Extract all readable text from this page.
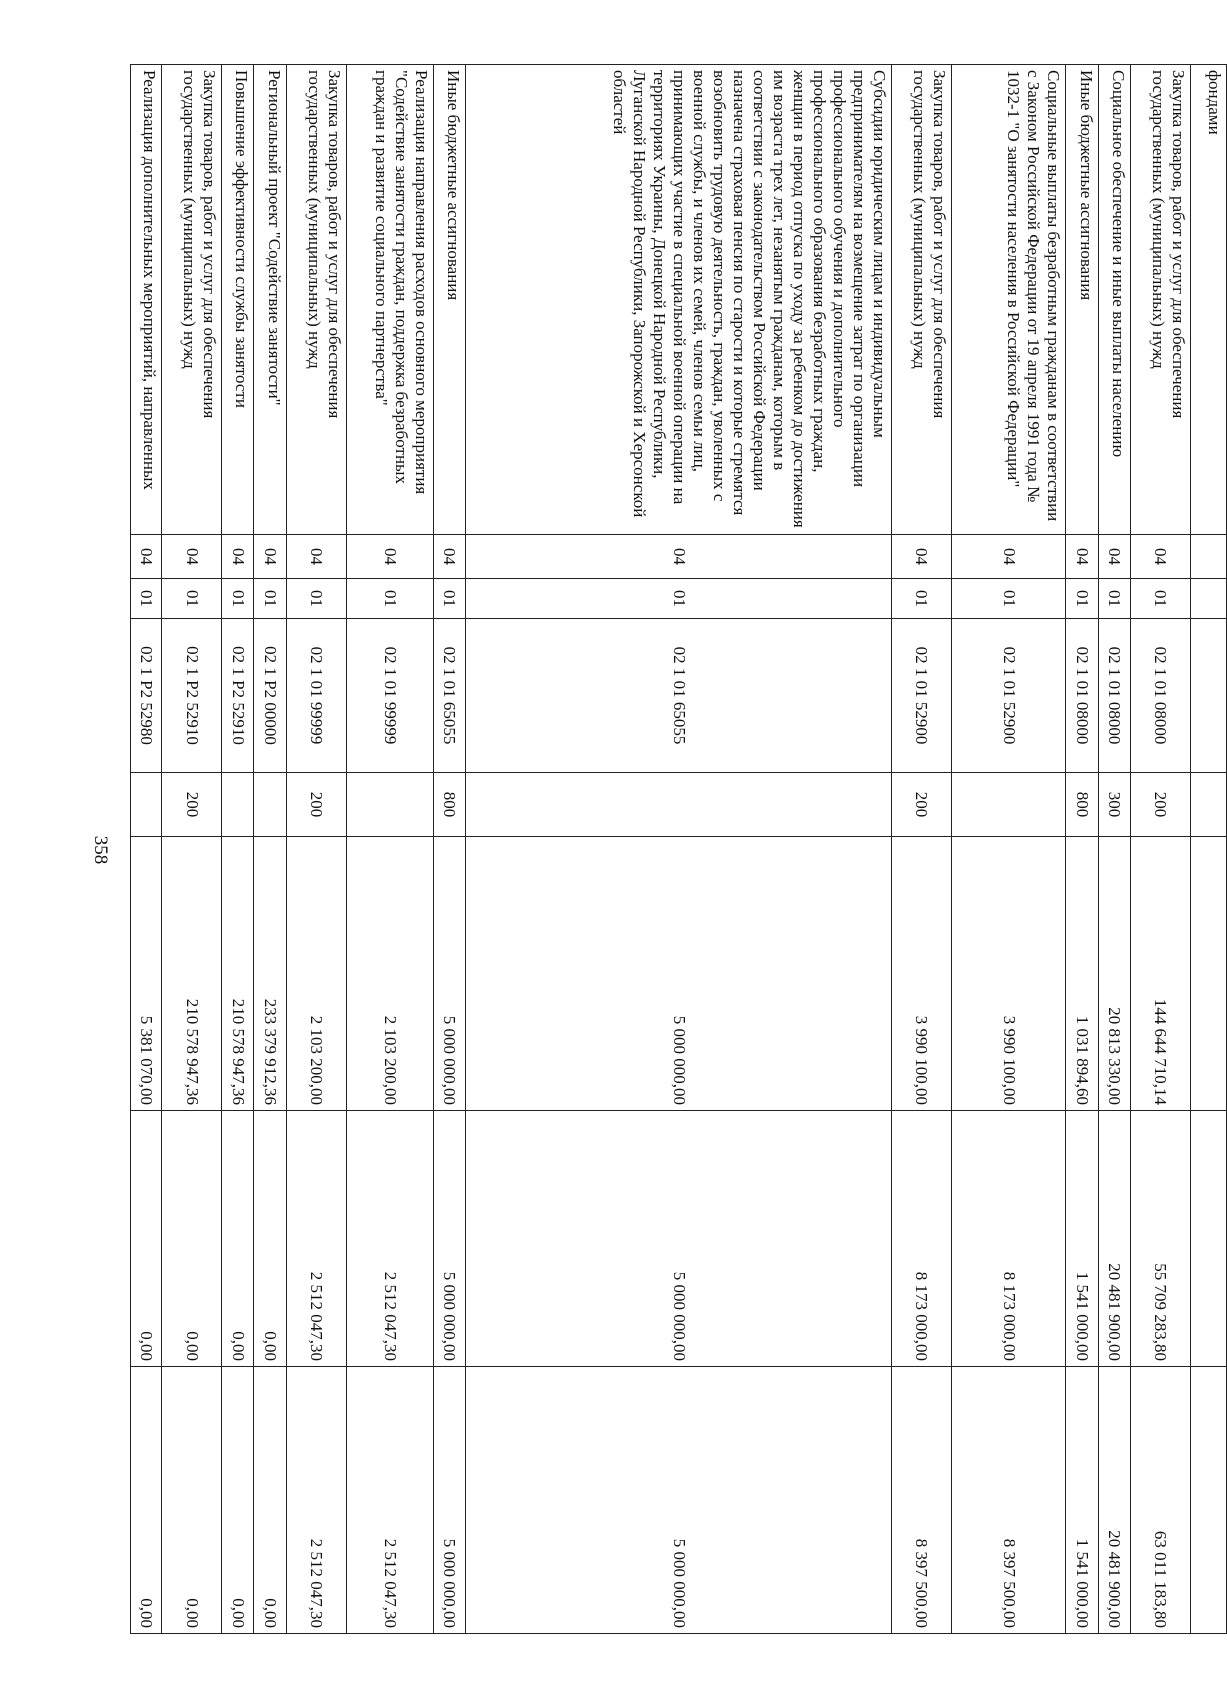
358
фондами							
Закупка товаров, работ и услуг для обеспечения государственных (муниципальных) нужд	04	01	02 1 01 08000	200	144 644 710,14	55 709 283,80	63 011 183,80
Социальное обеспечение и иные выплаты населению	04	01	02 1 01 08000	300	20 813 330,00	20 481 900,00	20 481 900,00
Иные бюджетные ассигнования	04	01	02 1 01 08000	800	1 031 894,60	1 541 000,00	1 541 000,00
Социальные выплаты безработным гражданам в соответствии с Законом Российской Федерации от 19 апреля 1991 года № 1032-1 "О занятости населения в Российской Федерации"	04	01	02 1 01 52900		3 990 100,00	8 173 000,00	8 397 500,00
Закупка товаров, работ и услуг для обеспечения государственных (муниципальных) нужд	04	01	02 1 01 52900	200	3 990 100,00	8 173 000,00	8 397 500,00
Субсидии юридическим лицам и индивидуальным предпринимателям на возмещение затрат по организации профессионального обучения и дополнительного профессионального образования безработных граждан, женщин в период отпуска по уходу за ребенком до достижения им возраста трех лет, незанятым гражданам, которым в соответствии с законодательством Российской Федерации назначена страховая пенсия по старости и которые стремятся возобновить трудовую деятельность, граждан, уволенных с военной службы, и членов их семей, членов семьи лиц, принимающих участие в специальной военной операции на территориях Украины, Донецкой Народной Республики, Луганской Народной Республики, Запорожской и Херсонской областей	04	01	02 1 01 65055		5 000 000,00	5 000 000,00	5 000 000,00
Иные бюджетные ассигнования	04	01	02 1 01 65055	800	5 000 000,00	5 000 000,00	5 000 000,00
Реализация направления расходов основного мероприятия "Содействие занятости граждан, поддержка безработных граждан и развитие социального партнерства"	04	01	02 1 01 99999		2 103 200,00	2 512 047,30	2 512 047,30
Закупка товаров, работ и услуг для обеспечения государственных (муниципальных) нужд	04	01	02 1 01 99999	200	2 103 200,00	2 512 047,30	2 512 047,30
Региональный проект "Содействие занятости"	04	01	02 1 Р2 00000		233 379 912,36	0,00	0,00
Повышение эффективности службы занятости	04	01	02 1 Р2 52910		210 578 947,36	0,00	0,00
Закупка товаров, работ и услуг для обеспечения государственных (муниципальных) нужд	04	01	02 1 Р2 52910	200	210 578 947,36	0,00	0,00
Реализация дополнительных мероприятий, направленных	04	01	02 1 Р2 52980		5 381 070,00	0,00	0,00
